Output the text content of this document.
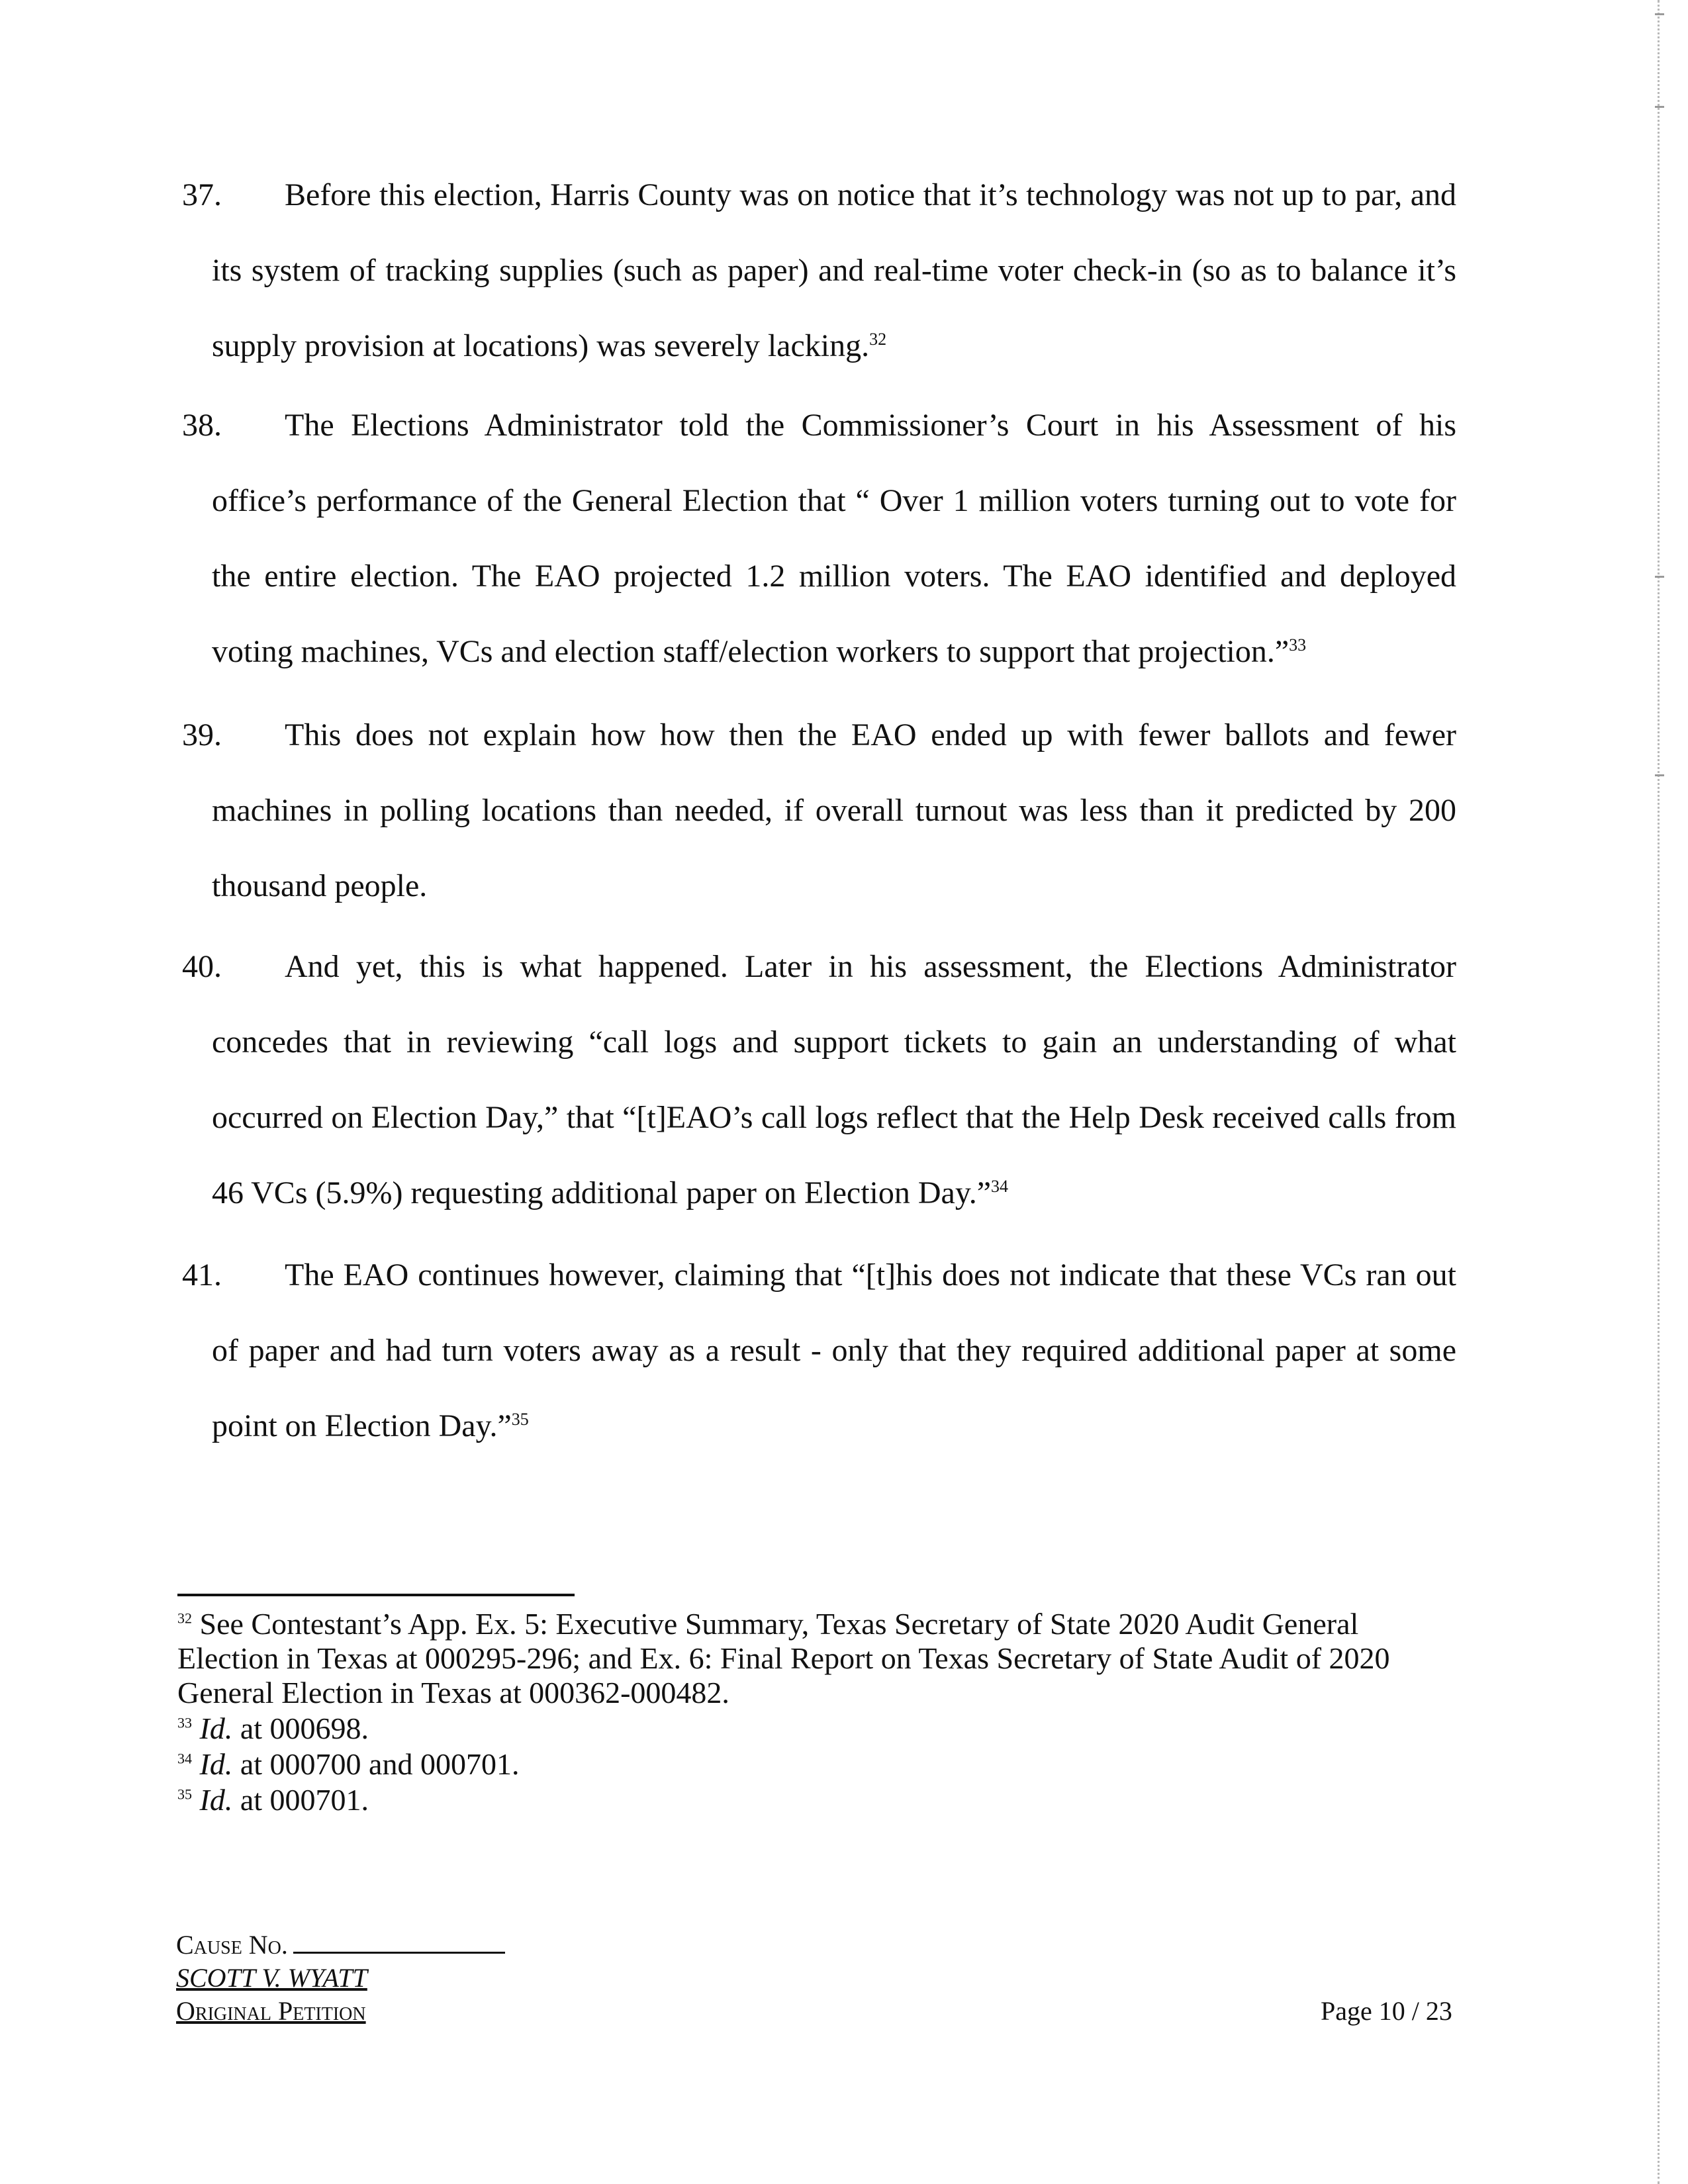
37.	Before this election, Harris County was on notice that it’s technology was not up to par, and its system of tracking supplies (such as paper) and real-time voter check-in (so as to balance it’s supply provision at locations) was severely lacking.$^{32}$
38.	The Elections Administrator told the Commissioner’s Court in his Assessment of his office’s performance of the General Election that “ Over 1 million voters turning out to vote for the entire election. The EAO projected 1.2 million voters. The EAO identified and deployed voting machines, VCs and election staff/election workers to support that projection.”$^{33}$
39.	This does not explain how how then the EAO ended up with fewer ballots and fewer machines in polling locations than needed, if overall turnout was less than it predicted by 200 thousand people.
40.	And yet, this is what happened. Later in his assessment, the Elections Administrator concedes that in reviewing “call logs and support tickets to gain an understanding of what occurred on Election Day,” that “[t]EAO’s call logs reflect that the Help Desk received calls from 46 VCs (5.9%) requesting additional paper on Election Day.”$^{34}$
41.	The EAO continues however, claiming that “[t]his does not indicate that these VCs ran out of paper and had turn voters away as a result - only that they required additional paper at some point on Election Day.”$^{35}$

$^{32}$ See Contestant’s App. Ex. 5: Executive Summary, Texas Secretary of State 2020 Audit General Election in Texas at 000295-296; and Ex. 6: Final Report on Texas Secretary of State Audit of 2020 General Election in Texas at 000362-000482.

$^{33}$ Id. at 000698.

$^{34}$ Id. at 000700 and 000701.

$^{35}$ Id. at 000701.

Cause No.
SCOTT V. WYATT
Original Petition	Page 10 / 23
